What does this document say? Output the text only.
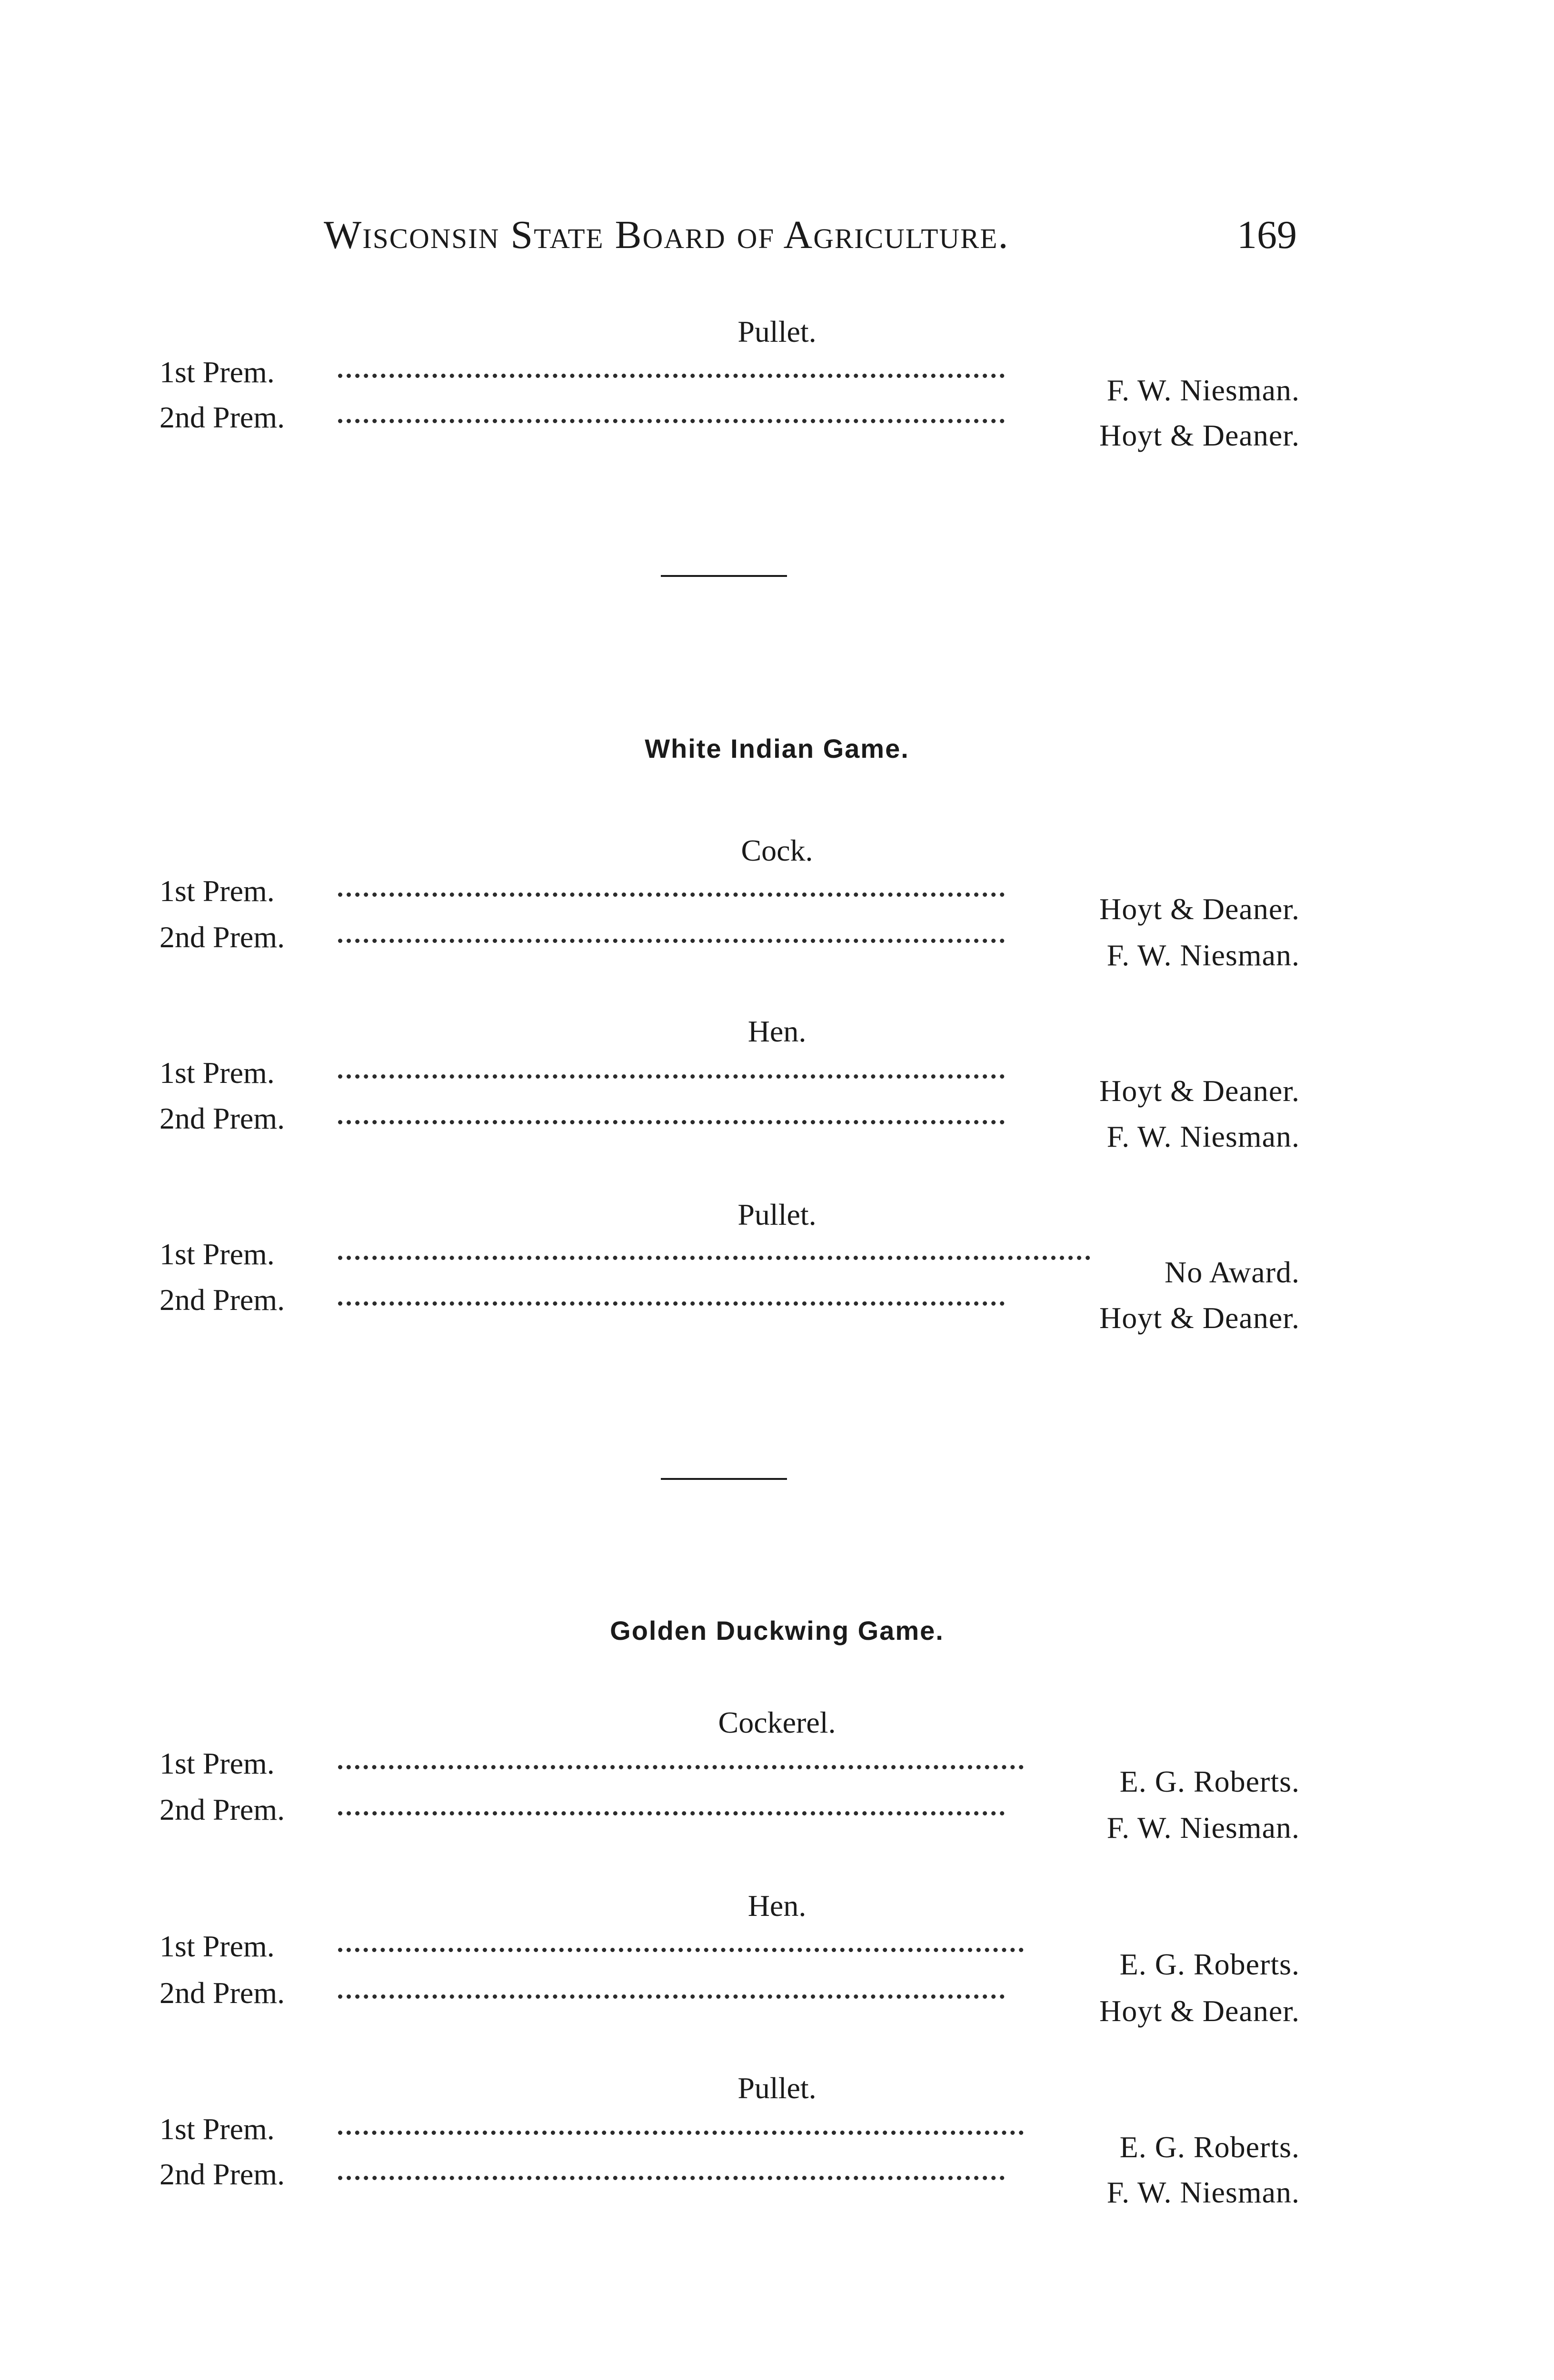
Wisconsin State Board of Agriculture.	169
Pullet.
1st Prem.
F. W. Niesman.
2nd Prem.
Hoyt & Deaner.
White Indian Game.
Cock.
1st Prem.
Hoyt & Deaner.
2nd Prem.
F. W. Niesman.
Hen.
1st Prem.
Hoyt & Deaner.
2nd Prem.
F. W. Niesman.
Pullet.
1st Prem.
No Award.
2nd Prem.
Hoyt & Deaner.
Golden Duckwing Game.
Cockerel.
1st Prem.
E. G. Roberts.
2nd Prem.
F. W. Niesman.
Hen.
1st Prem.
E. G. Roberts.
2nd Prem.
Hoyt & Deaner.
Pullet.
1st Prem.
E. G. Roberts.
2nd Prem.
F. W. Niesman.
